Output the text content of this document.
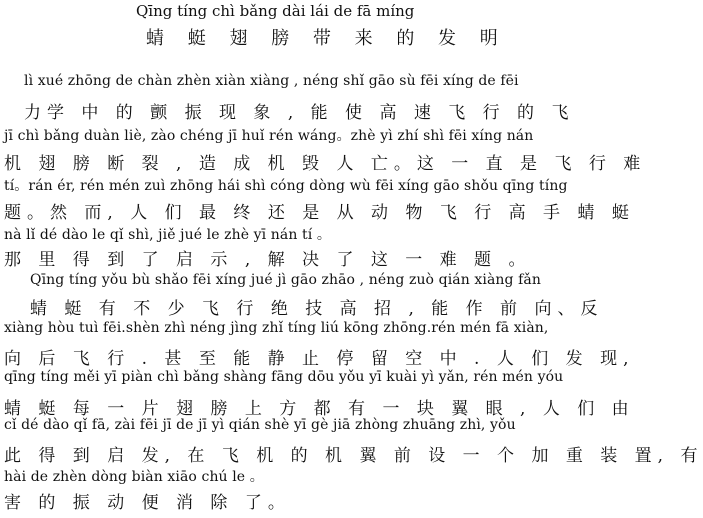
Qīng tíng chì bǎng dài lái de fā míng
蜻 蜓 翅 膀 带 来 的 发 明
lì xué zhōng de chàn zhèn xiàn xiàng , néng shǐ gāo sù fēi xíng de fēi
力学 中 的 颤 振 现 象 , 能 使 高 速 飞 行 的 飞
jī chì bǎng duàn liè, zào chéng jī huǐ rén wáng。zhè yì zhí shì fēi xíng nán
机 翅 膀 断 裂 , 造 成 机 毁 人 亡。这 一 直 是 飞 行 难
tí。rán ér, rén mén zuì zhōng hái shì cóng dòng wù fēi xíng gāo shǒu qīng tíng
题。然 而, 人 们 最 终 还 是 从 动 物 飞 行 高 手 蜻 蜓
nà lǐ dé dào le qǐ shì, jiě jué le zhè yī nán tí 。
那 里 得 到 了 启 示 , 解 决 了 这 一 难 题 。
Qīng tíng yǒu bù shǎo fēi xíng jué jì gāo zhāo , néng zuò qián xiàng fǎn
蜻 蜓 有 不 少 飞 行 绝 技 高 招 , 能 作 前 向、反
xiàng hòu tuì fēi.shèn zhì néng jìng zhǐ tíng liú kōng zhōng.rén mén fā xiàn,
向 后 飞 行 . 甚 至 能 静 止 停 留 空 中 . 人 们 发 现,
qīng tíng měi yī piàn chì bǎng shàng fāng dōu yǒu yī kuài yì yǎn, rén mén yóu
蜻 蜓 每 一 片 翅 膀 上 方 都 有 一 块 翼 眼 , 人 们 由
cǐ dé dào qǐ fā, zài fēi jī de jī yì qián shè yī gè jiā zhòng zhuāng zhì, yǒu
此 得 到 启 发, 在 飞 机 的 机 翼 前 设 一 个 加 重 装 置, 有
hài de zhèn dòng biàn xiāo chú le 。
害 的 振 动 便 消 除 了。
